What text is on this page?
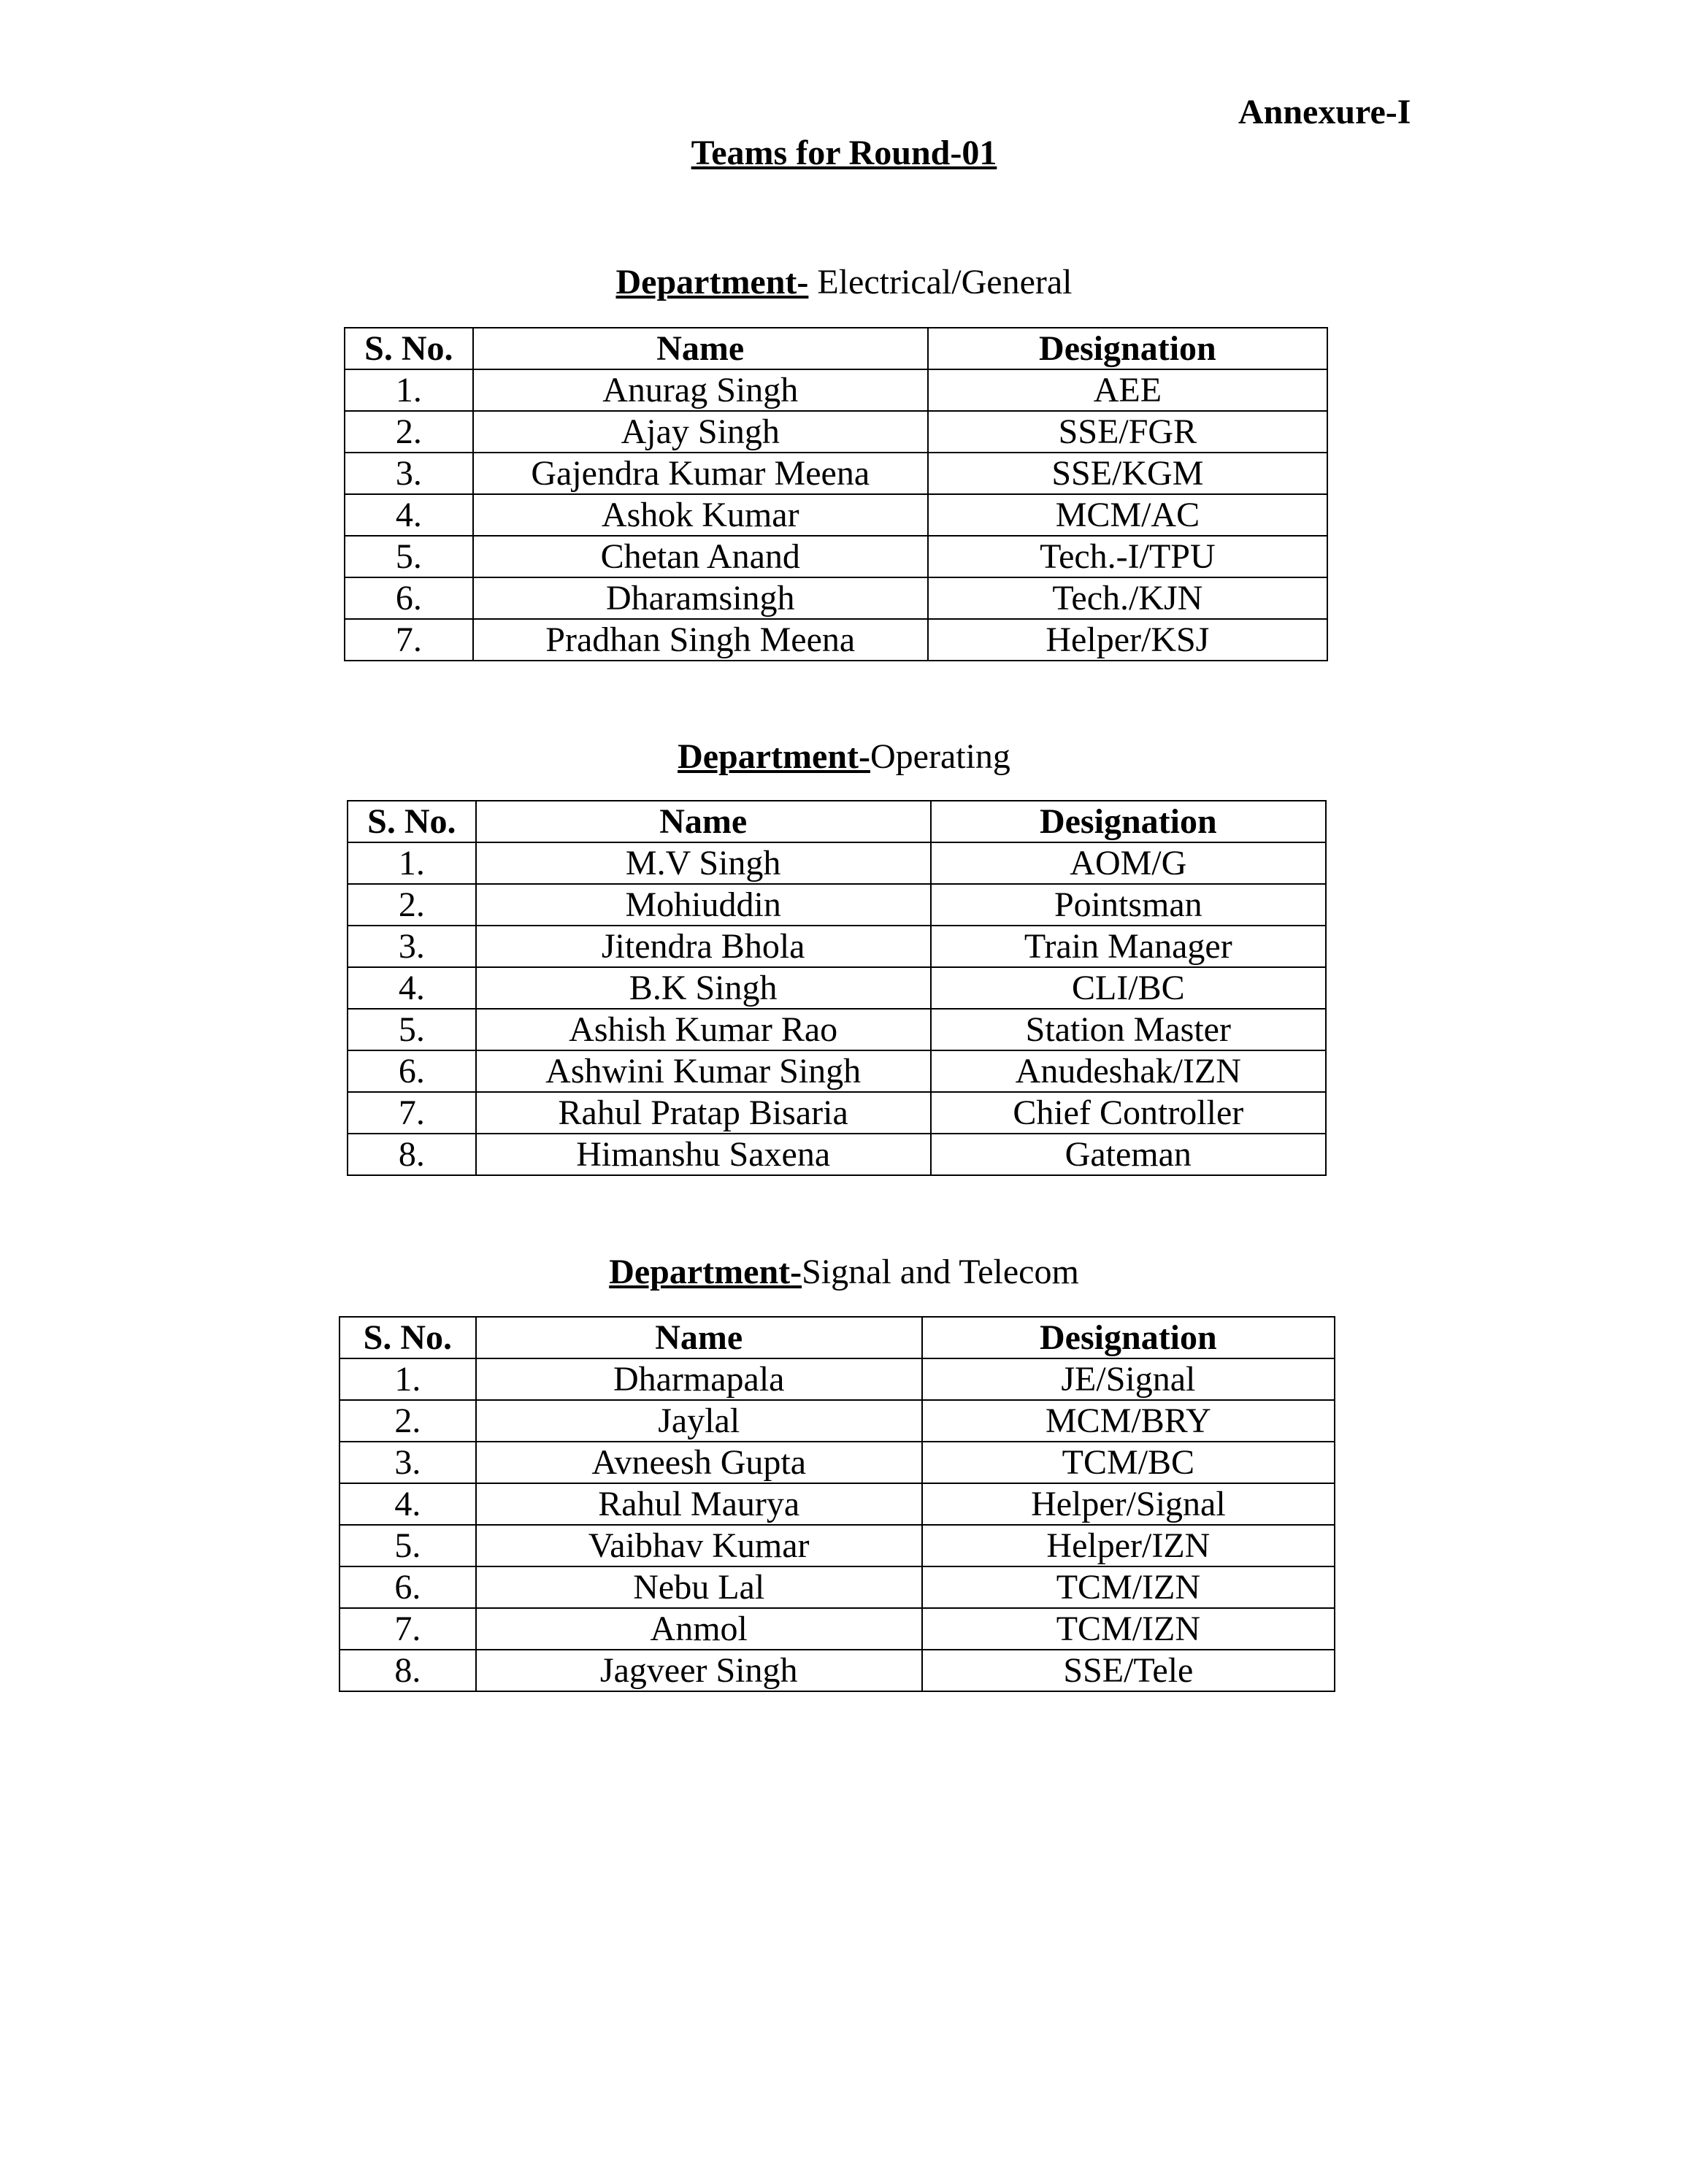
Annexure-I
Teams for Round-01
Department- Electrical/General
S. No.	Name	Designation
1.	Anurag Singh	AEE
2.	Ajay Singh	SSE/FGR
3.	Gajendra Kumar Meena	SSE/KGM
4.	Ashok Kumar	MCM/AC
5.	Chetan Anand	Tech.-I/TPU
6.	Dharamsingh	Tech./KJN
7.	Pradhan Singh Meena	Helper/KSJ
Department-Operating
S. No.	Name	Designation
1.	M.V Singh	AOM/G
2.	Mohiuddin	Pointsman
3.	Jitendra Bhola	Train Manager
4.	B.K Singh	CLI/BC
5.	Ashish Kumar Rao	Station Master
6.	Ashwini Kumar Singh	Anudeshak/IZN
7.	Rahul Pratap Bisaria	Chief Controller
8.	Himanshu Saxena	Gateman
Department-Signal and Telecom
S. No.	Name	Designation
1.	Dharmapala	JE/Signal
2.	Jaylal	MCM/BRY
3.	Avneesh Gupta	TCM/BC
4.	Rahul Maurya	Helper/Signal
5.	Vaibhav Kumar	Helper/IZN
6.	Nebu Lal	TCM/IZN
7.	Anmol	TCM/IZN
8.	Jagveer Singh	SSE/Tele
